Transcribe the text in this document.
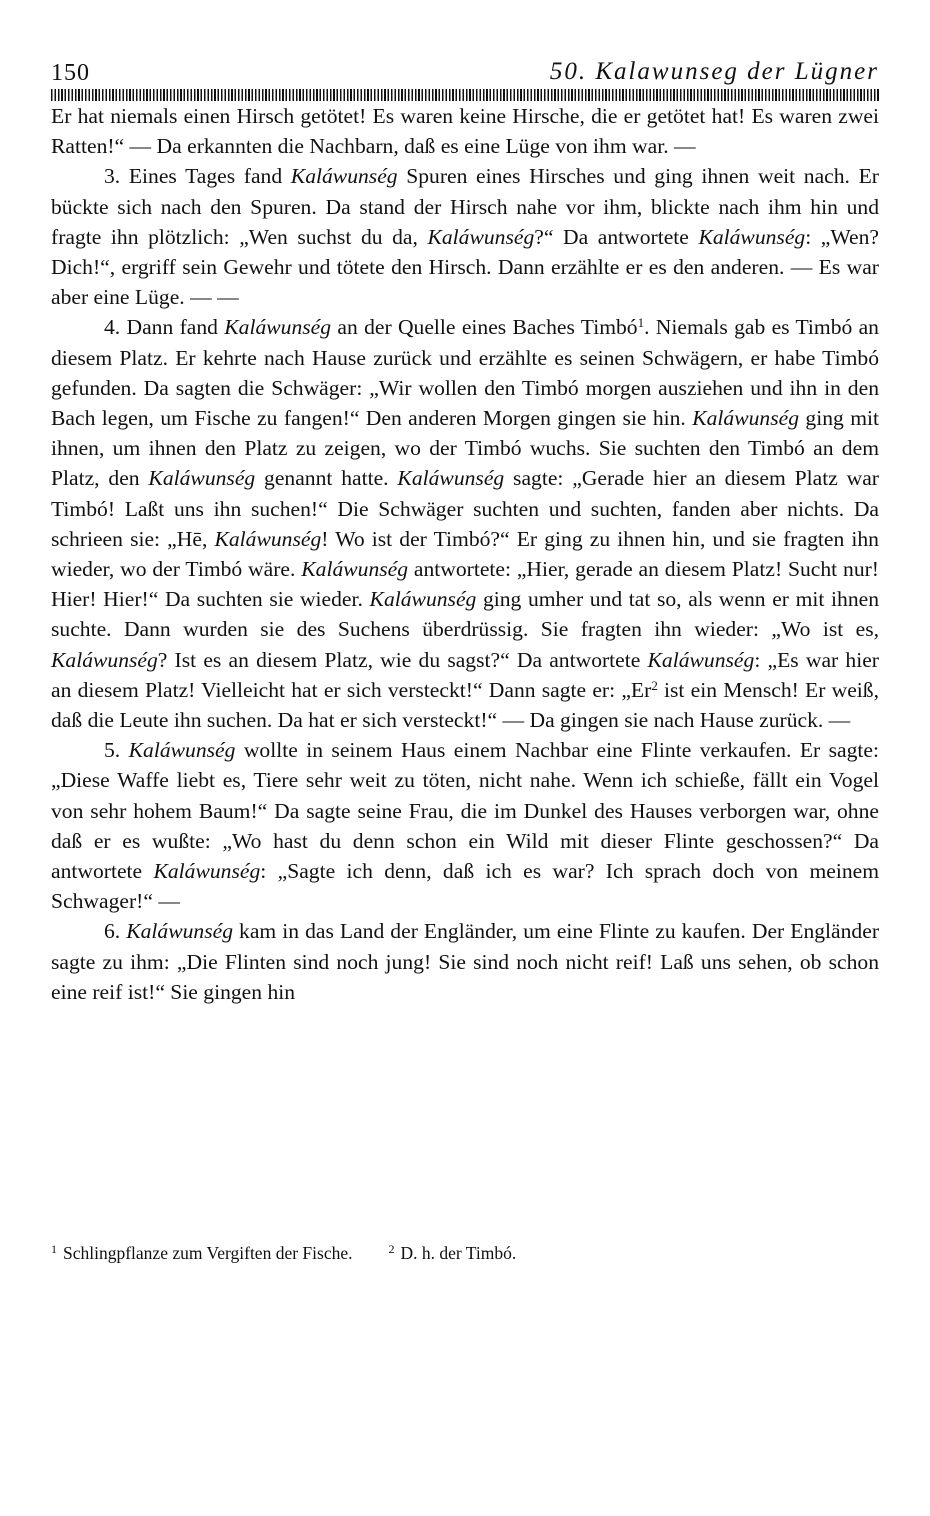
150	50. Kalawunseg der Lügner

Er hat niemals einen Hirsch getötet! Es waren keine Hirsche, die er getötet hat! Es waren zwei Ratten!“ — Da erkannten die Nachbarn, daß es eine Lüge von ihm war. —

3. Eines Tages fand Kaláwunség Spuren eines Hirsches und ging ihnen weit nach. Er bückte sich nach den Spuren. Da stand der Hirsch nahe vor ihm, blickte nach ihm hin und fragte ihn plötzlich: „Wen suchst du da, Kaláwunség?“ Da antwortete Kaláwunség: „Wen? Dich!“, ergriff sein Gewehr und tötete den Hirsch. Dann erzählte er es den anderen. — Es war aber eine Lüge. — —

4. Dann fand Kaláwunség an der Quelle eines Baches Timbó$^1$. Niemals gab es Timbó an diesem Platz. Er kehrte nach Hause zurück und erzählte es seinen Schwägern, er habe Timbó gefunden. Da sagten die Schwäger: „Wir wollen den Timbó morgen ausziehen und ihn in den Bach legen, um Fische zu fangen!“ Den anderen Morgen gingen sie hin. Kaláwunség ging mit ihnen, um ihnen den Platz zu zeigen, wo der Timbó wuchs. Sie suchten den Timbó an dem Platz, den Kaláwunség genannt hatte. Kaláwunség sagte: „Gerade hier an diesem Platz war Timbó! Laßt uns ihn suchen!“ Die Schwäger suchten und suchten, fanden aber nichts. Da schrieen sie: „Hē, Kaláwunség! Wo ist der Timbó?“ Er ging zu ihnen hin, und sie fragten ihn wieder, wo der Timbó wäre. Kaláwunség antwortete: „Hier, gerade an diesem Platz! Sucht nur! Hier! Hier!“ Da suchten sie wieder. Kaláwunség ging umher und tat so, als wenn er mit ihnen suchte. Dann wurden sie des Suchens überdrüssig. Sie fragten ihn wieder: „Wo ist es, Kaláwunség? Ist es an diesem Platz, wie du sagst?“ Da antwortete Kaláwunség: „Es war hier an diesem Platz! Vielleicht hat er sich versteckt!“ Dann sagte er: „Er$^2$ ist ein Mensch! Er weiß, daß die Leute ihn suchen. Da hat er sich versteckt!“ — Da gingen sie nach Hause zurück. —

5. Kaláwunség wollte in seinem Haus einem Nachbar eine Flinte verkaufen. Er sagte: „Diese Waffe liebt es, Tiere sehr weit zu töten, nicht nahe. Wenn ich schieße, fällt ein Vogel von sehr hohem Baum!“ Da sagte seine Frau, die im Dunkel des Hauses verborgen war, ohne daß er es wußte: „Wo hast du denn schon ein Wild mit dieser Flinte geschossen?“ Da antwortete Kaláwunség: „Sagte ich denn, daß ich es war? Ich sprach doch von meinem Schwager!“ —

6. Kaláwunség kam in das Land der Engländer, um eine Flinte zu kaufen. Der Engländer sagte zu ihm: „Die Flinten sind noch jung! Sie sind noch nicht reif! Laß uns sehen, ob schon eine reif ist!“ Sie gingen hin

$^1$ Schlingpflanze zum Vergiften der Fische.	$^2$ D. h. der Timbó.
